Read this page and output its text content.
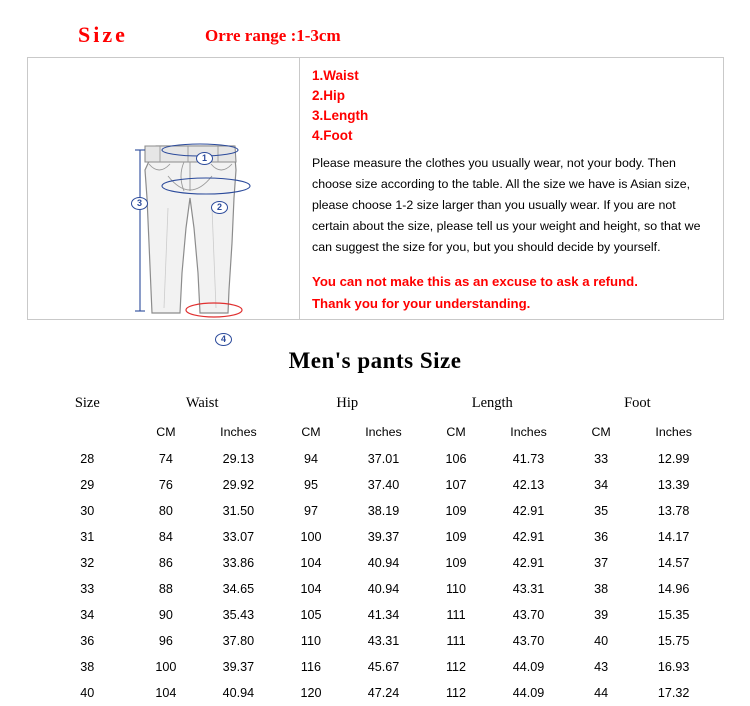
Size	Orre range :1-3cm
1
2
3
4
1.Waist
2.Hip
3.Length
4.Foot
Please measure the clothes you usually wear, not your body. Then choose size according to the table. All the size we have is Asian size, please choose 1-2 size larger than you usually wear. If you are not certain about the size, please tell us your weight and height, so that we can suggest the size for you, but you should decide by yourself.
You can not make this as an excuse to ask a refund.
Thank you for your understanding.
Men's pants Size
Size	Waist		Hip		Length		Foot	
	CM	Inches	CM	Inches	CM	Inches	CM	Inches
28	74	29.13	94	37.01	106	41.73	33	12.99
29	76	29.92	95	37.40	107	42.13	34	13.39
30	80	31.50	97	38.19	109	42.91	35	13.78
31	84	33.07	100	39.37	109	42.91	36	14.17
32	86	33.86	104	40.94	109	42.91	37	14.57
33	88	34.65	104	40.94	110	43.31	38	14.96
34	90	35.43	105	41.34	111	43.70	39	15.35
36	96	37.80	110	43.31	111	43.70	40	15.75
38	100	39.37	116	45.67	112	44.09	43	16.93
40	104	40.94	120	47.24	112	44.09	44	17.32
